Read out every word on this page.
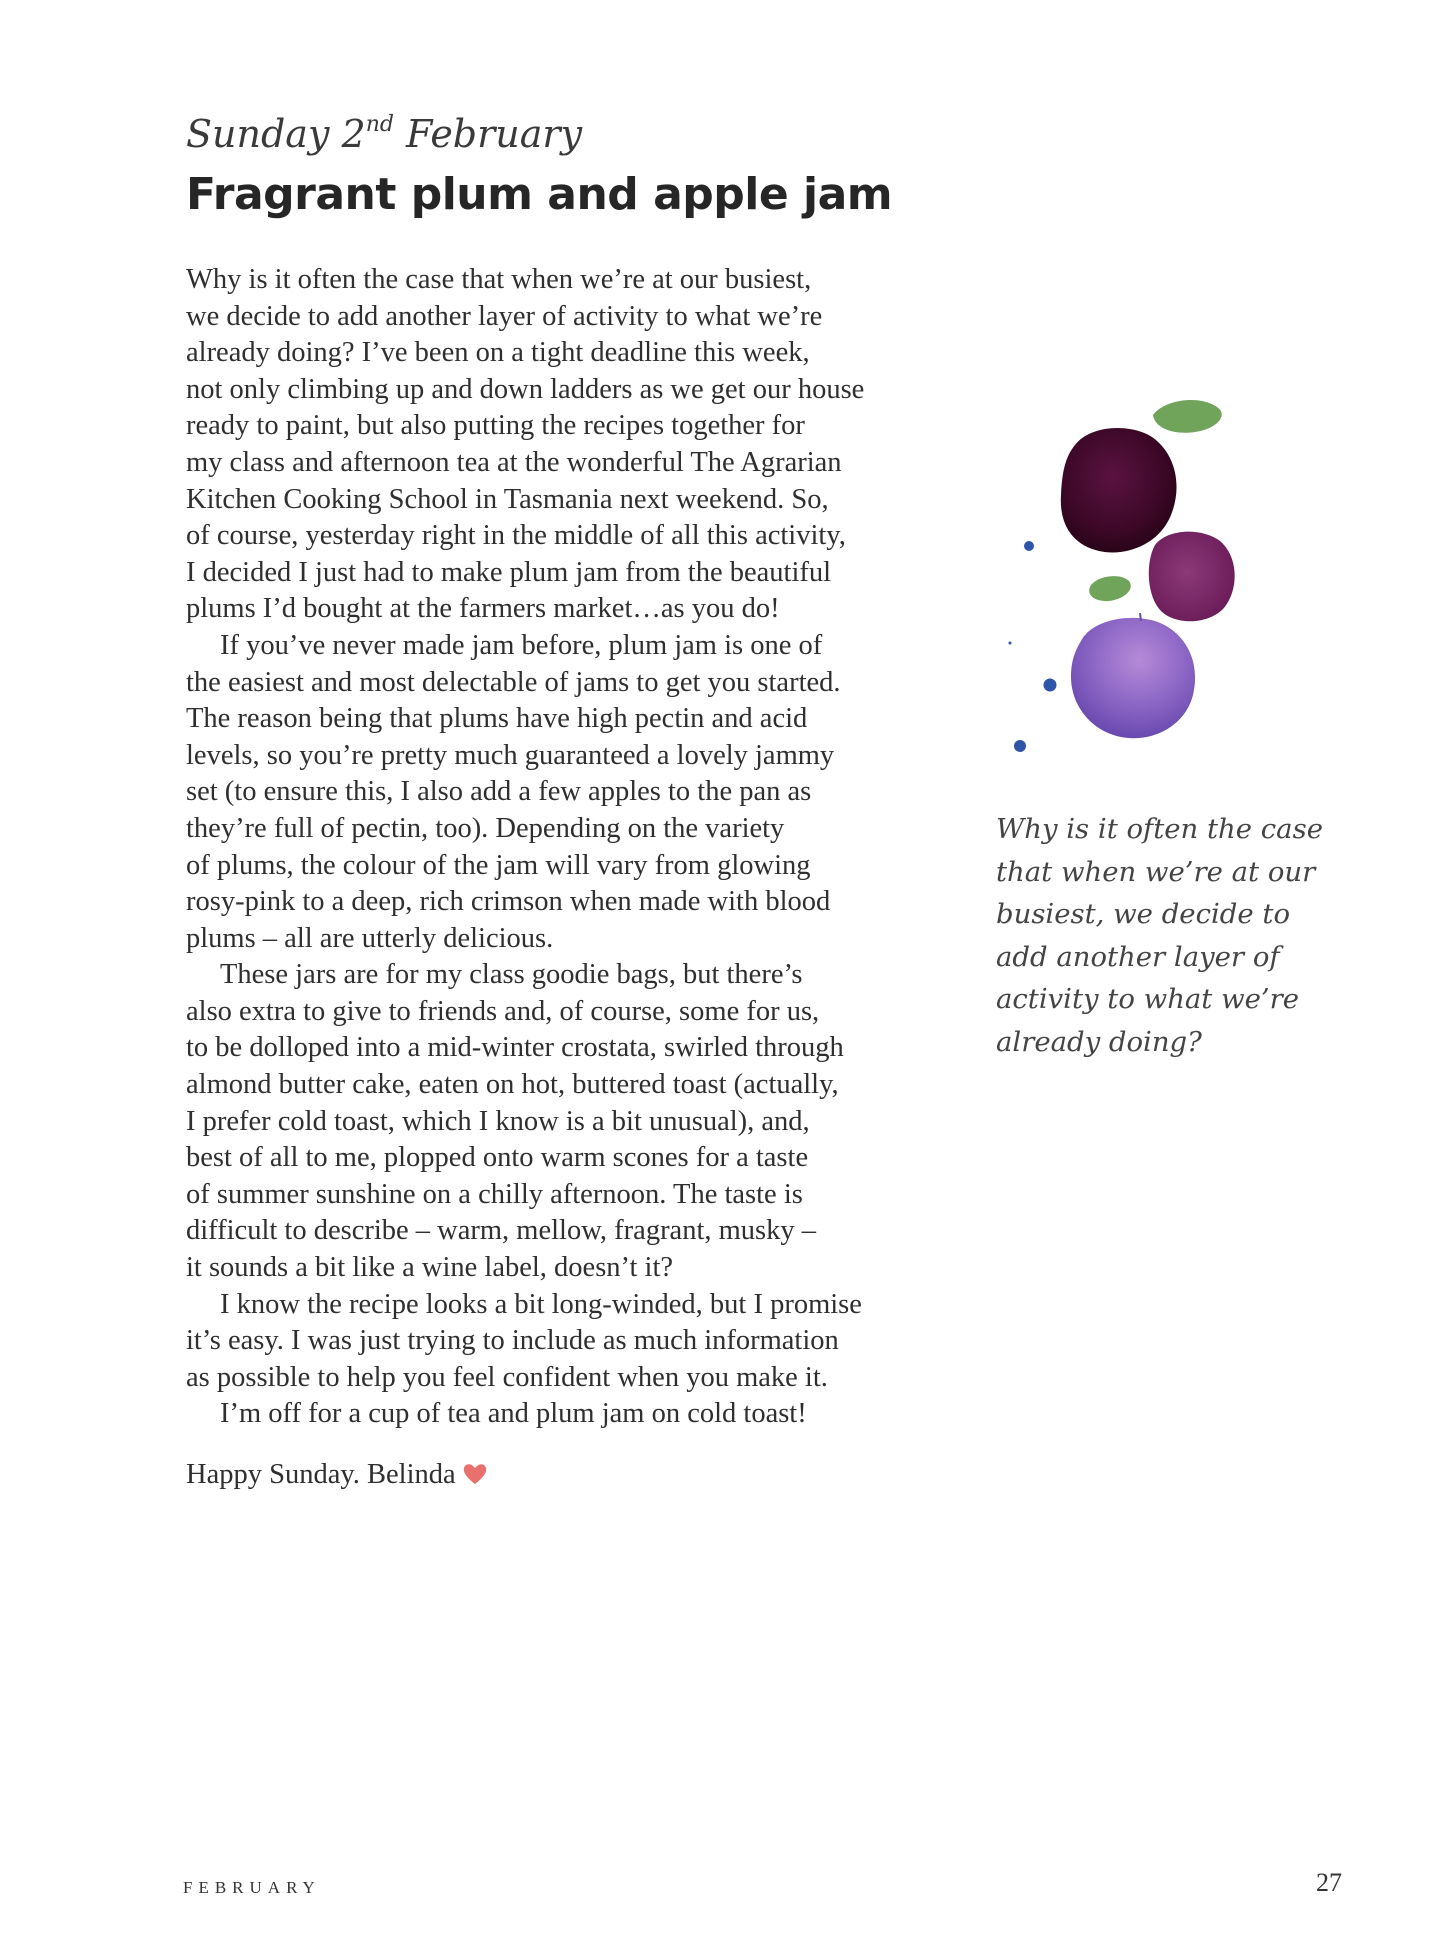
Sunday 2nd February
Fragrant plum and apple jam

Why is it often the case that when we’re at our busiest,
we decide to add another layer of activity to what we’re
already doing? I’ve been on a tight deadline this week,
not only climbing up and down ladders as we get our house
ready to paint, but also putting the recipes together for
my class and afternoon tea at the wonderful The Agrarian
Kitchen Cooking School in Tasmania next weekend. So,
of course, yesterday right in the middle of all this activity,
I decided I just had to make plum jam from the beautiful
plums I’d bought at the farmers market…as you do!

If you’ve never made jam before, plum jam is one of
the easiest and most delectable of jams to get you started.
The reason being that plums have high pectin and acid
levels, so you’re pretty much guaranteed a lovely jammy
set (to ensure this, I also add a few apples to the pan as
they’re full of pectin, too). Depending on the variety
of plums, the colour of the jam will vary from glowing
rosy-pink to a deep, rich crimson when made with blood
plums – all are utterly delicious.

These jars are for my class goodie bags, but there’s
also extra to give to friends and, of course, some for us,
to be dolloped into a mid-winter crostata, swirled through
almond butter cake, eaten on hot, buttered toast (actually,
I prefer cold toast, which I know is a bit unusual), and,
best of all to me, plopped onto warm scones for a taste
of summer sunshine on a chilly afternoon. The taste is
difficult to describe – warm, mellow, fragrant, musky –
it sounds a bit like a wine label, doesn’t it?

I know the recipe looks a bit long-winded, but I promise
it’s easy. I was just trying to include as much information
as possible to help you feel confident when you make it.

I’m off for a cup of tea and plum jam on cold toast!

Happy Sunday. Belinda
Why is it often the case
that when we’re at our
busiest, we decide to
add another layer of
activity to what we’re
already doing?
FEBRUARY	27
